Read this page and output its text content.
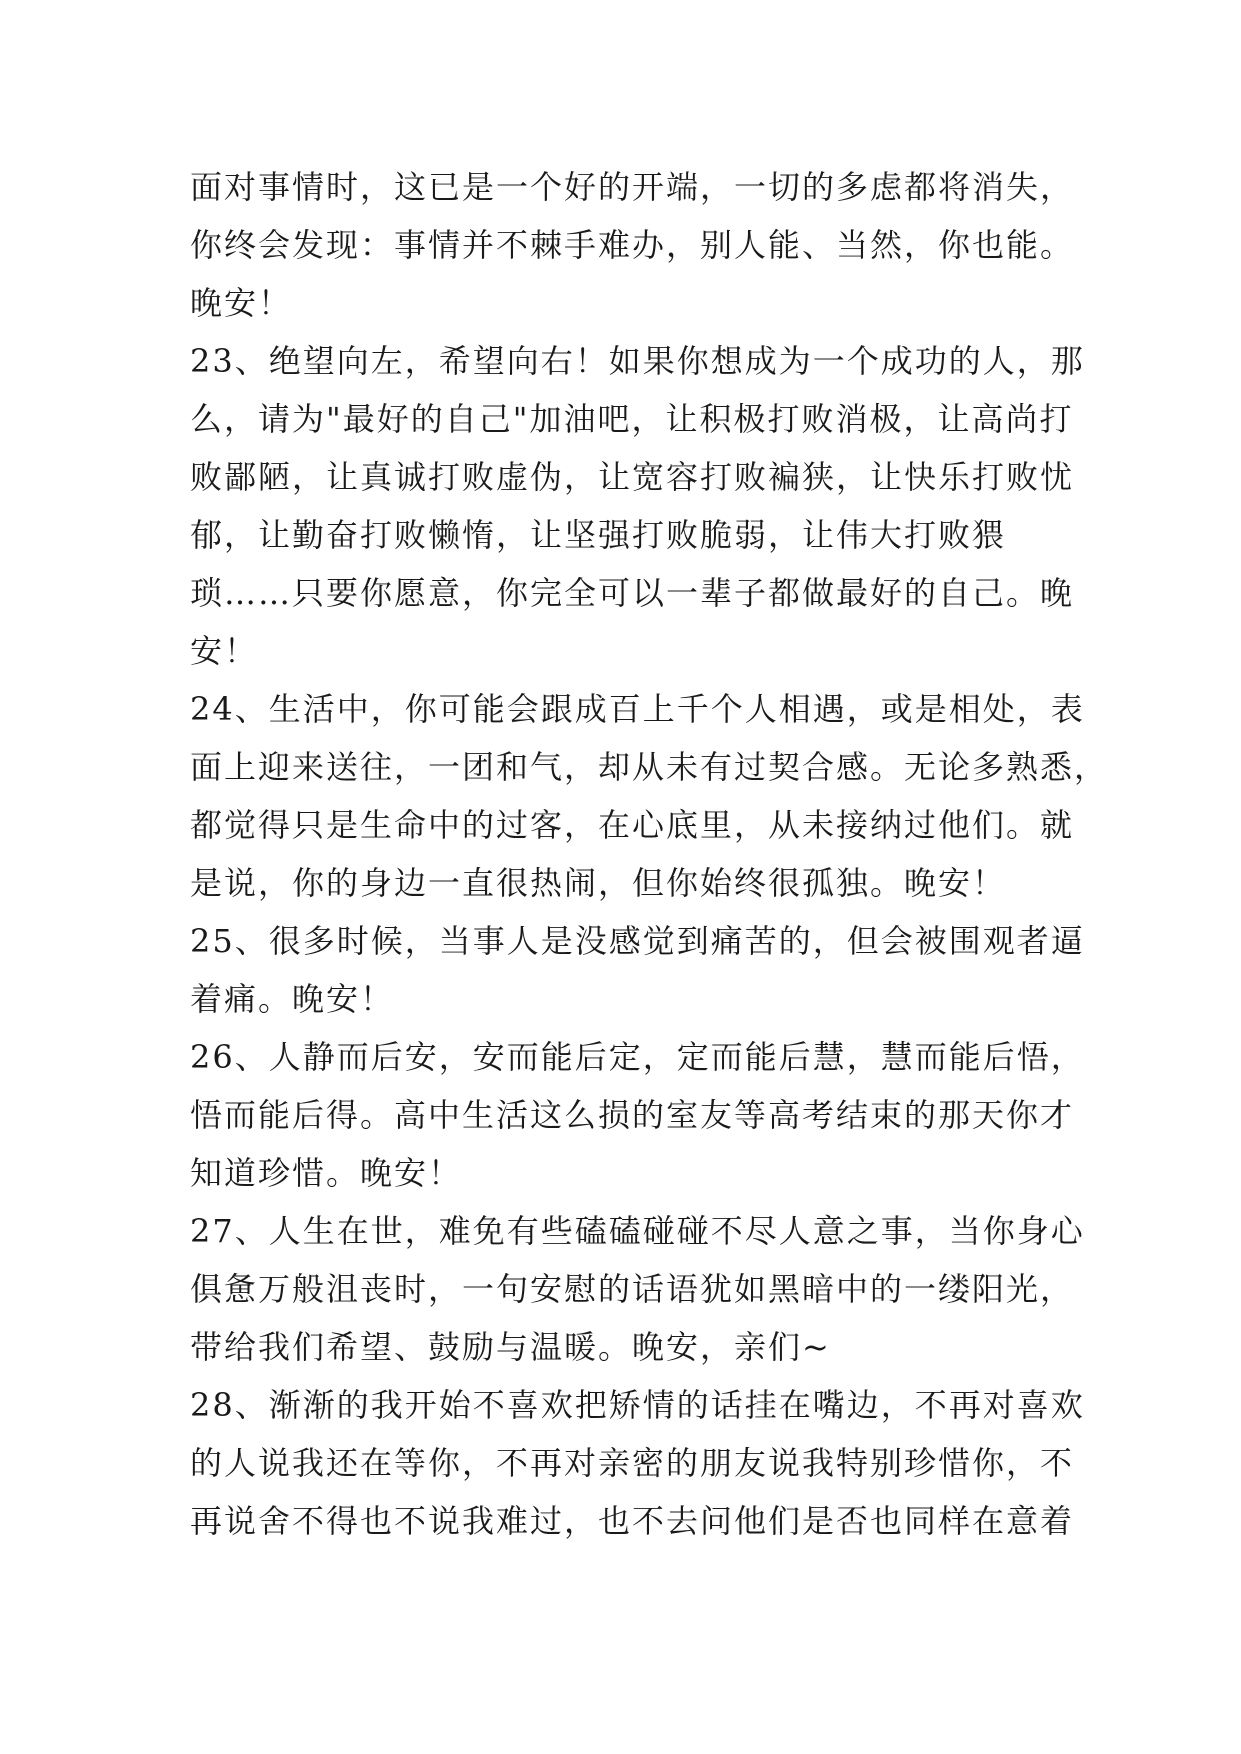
面对事情时，这已是一个好的开端，一切的多虑都将消失，
你终会发现：事情并不棘手难办，别人能、当然，你也能。
晚安！
23、绝望向左，希望向右！如果你想成为一个成功的人，那
么，请为"最好的自己"加油吧，让积极打败消极，让高尚打
败鄙陋，让真诚打败虚伪，让宽容打败褊狭，让快乐打败忧
郁，让勤奋打败懒惰，让坚强打败脆弱，让伟大打败猥
琐……只要你愿意，你完全可以一辈子都做最好的自己。晚
安！
24、生活中，你可能会跟成百上千个人相遇，或是相处，表
面上迎来送往，一团和气，却从未有过契合感。无论多熟悉，
都觉得只是生命中的过客，在心底里，从未接纳过他们。就
是说，你的身边一直很热闹，但你始终很孤独。晚安！
25、很多时候，当事人是没感觉到痛苦的，但会被围观者逼
着痛。晚安！
26、人静而后安，安而能后定，定而能后慧，慧而能后悟，
悟而能后得。高中生活这么损的室友等高考结束的那天你才
知道珍惜。晚安！
27、人生在世，难免有些磕磕碰碰不尽人意之事，当你身心
俱惫万般沮丧时，一句安慰的话语犹如黑暗中的一缕阳光，
带给我们希望、鼓励与温暖。晚安，亲们~
28、渐渐的我开始不喜欢把矫情的话挂在嘴边，不再对喜欢
的人说我还在等你，不再对亲密的朋友说我特别珍惜你，不
再说舍不得也不说我难过，也不去问他们是否也同样在意着
